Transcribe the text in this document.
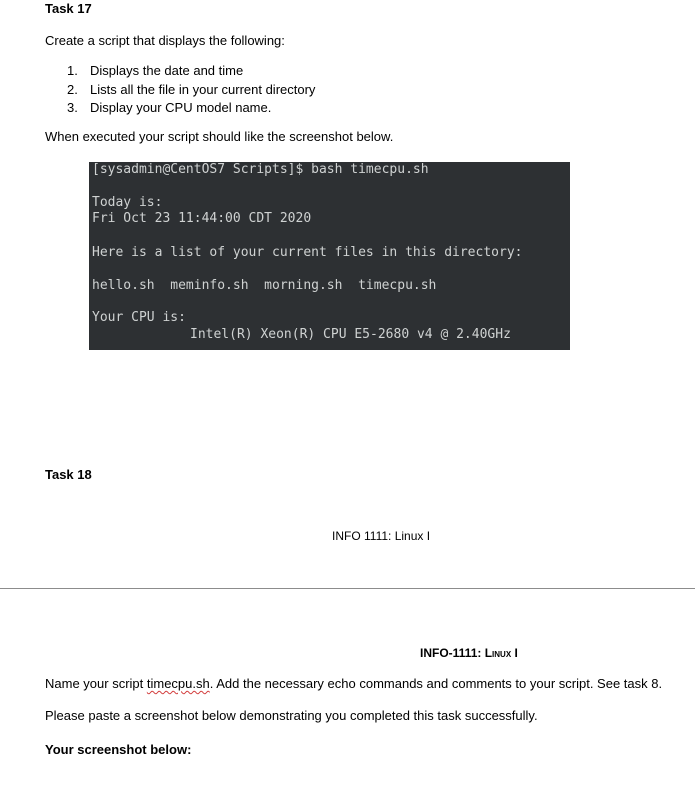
Task 17
Create a script that displays the following:
1. Displays the date and time
2. Lists all the file in your current directory
3. Display your CPU model name.
When executed your script should like the screenshot below.
[sysadmin@CentOS7 Scripts]$ bash timecpu.sh
Today is:
Fri Oct 23 11:44:00 CDT 2020
Here is a list of your current files in this directory:
hello.sh  meminfo.sh  morning.sh  timecpu.sh
Your CPU is:
Intel(R) Xeon(R) CPU E5-2680 v4 @ 2.40GHz
Task 18
INFO 1111: Linux I
INFO-1111: Linux I
Name your script timecpu.sh. Add the necessary echo commands and comments to your script. See task 8.
Please paste a screenshot below demonstrating you completed this task successfully.
Your screenshot below:
